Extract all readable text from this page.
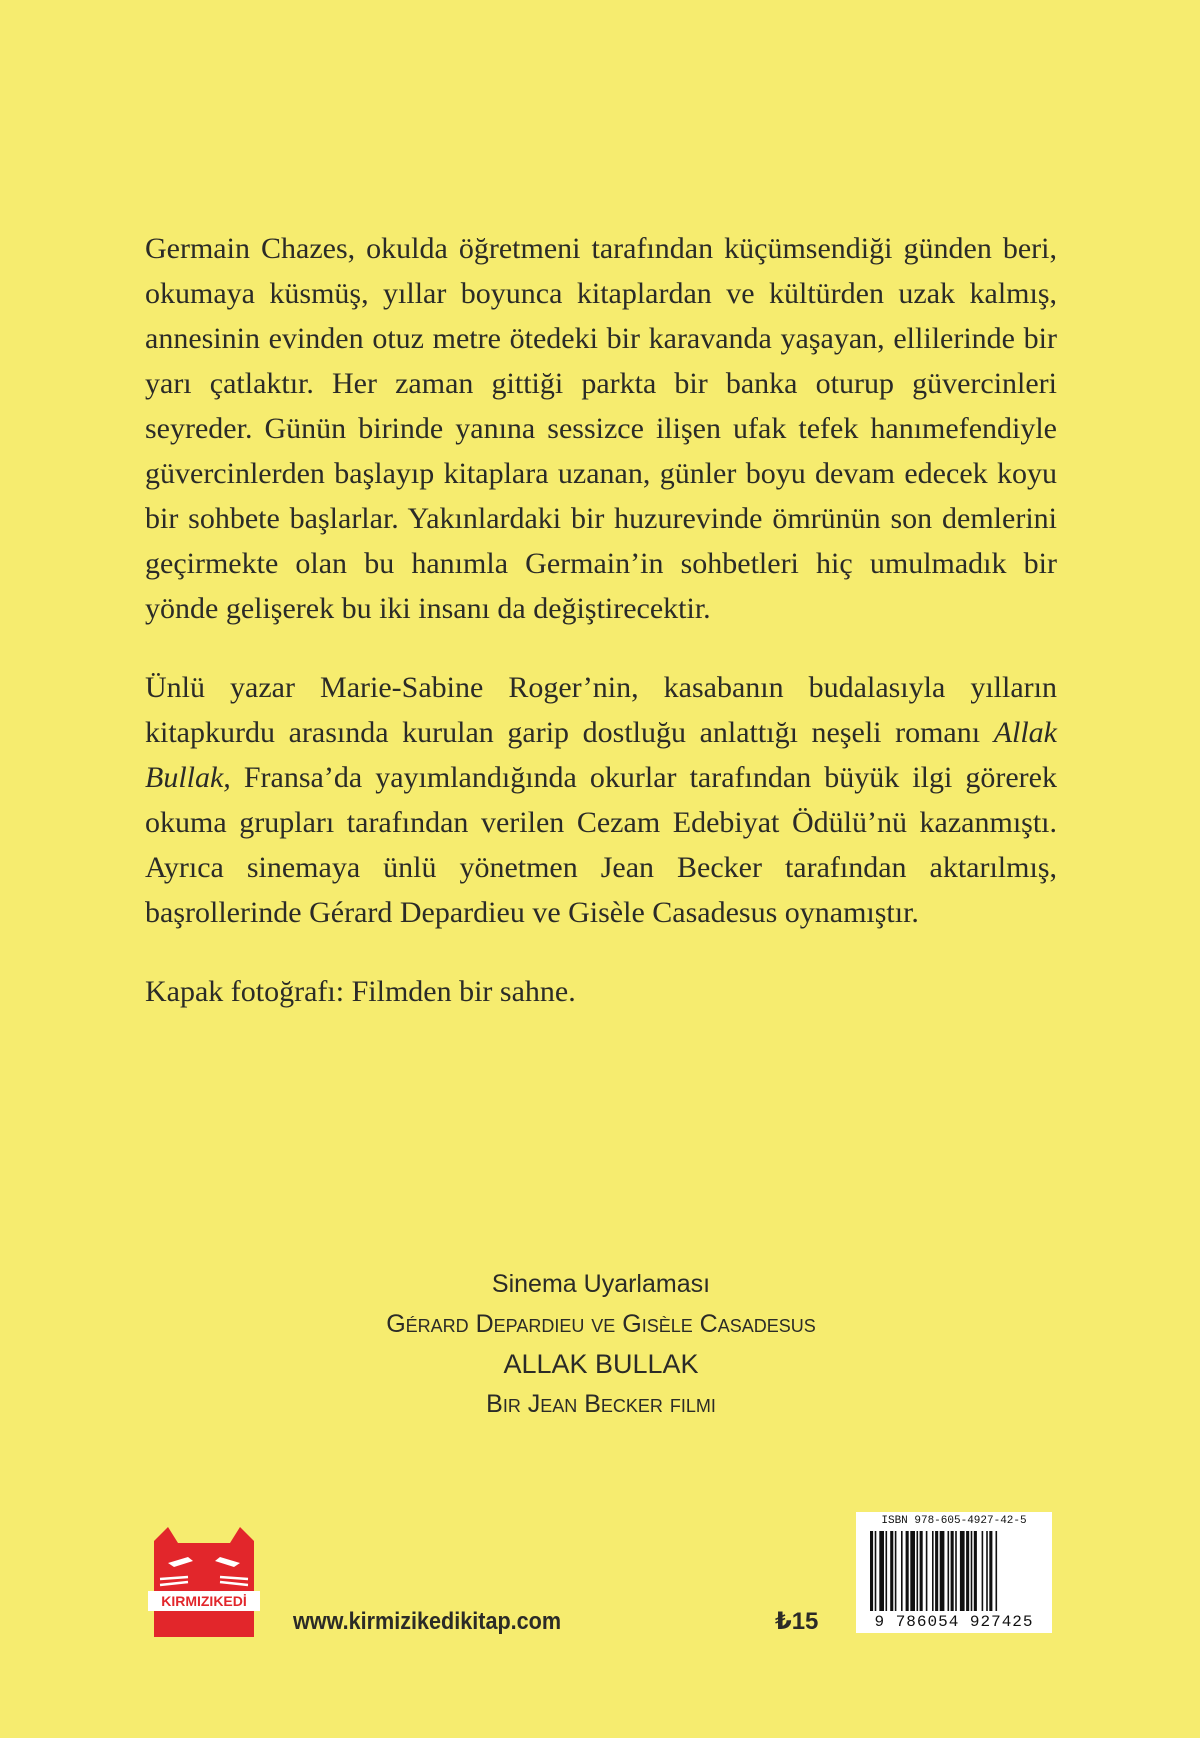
Germain Chazes, okulda öğretmeni tarafından küçümsendiği günden beri, okumaya küsmüş, yıllar boyunca kitaplardan ve kültürden uzak kalmış, annesinin evinden otuz metre ötedeki bir karavanda yaşayan, ellilerinde bir yarı çatlaktır. Her zaman gittiği parkta bir banka oturup güvercinleri seyreder. Günün birinde yanına sessizce ilişen ufak tefek hanımefendiyle güvercinlerden başlayıp kitaplara uzanan, günler boyu devam edecek koyu bir sohbete başlarlar. Yakınlardaki bir huzurevinde ömrünün son demlerini geçirmekte olan bu hanımla Germain’in sohbetleri hiç umulmadık bir yönde gelişerek bu iki insanı da değiştirecektir.

Ünlü yazar Marie-Sabine Roger’nin, kasabanın budalasıyla yılların kitapkurdu arasında kurulan garip dostluğu anlattığı neşeli romanı Allak Bullak, Fransa’da yayımlandığında okurlar tarafından büyük ilgi görerek okuma grupları tarafından verilen Cezam Edebiyat Ödülü’nü kazanmıştı. Ayrıca sinemaya ünlü yönetmen Jean Becker tarafından aktarılmış, başrollerinde Gérard Depardieu ve Gisèle Casadesus oynamıştır.

Kapak fotoğrafı: Filmden bir sahne.

Sinema Uyarlaması
Gérard Depardieu ve Gisèle Casadesus
ALLAK BULLAK
Bir Jean Becker filmi
KIRMIZIKEDİ
www.kirmizikedikitap.com	₺15
ISBN 978-605-4927-42-5
9 786054 927425
